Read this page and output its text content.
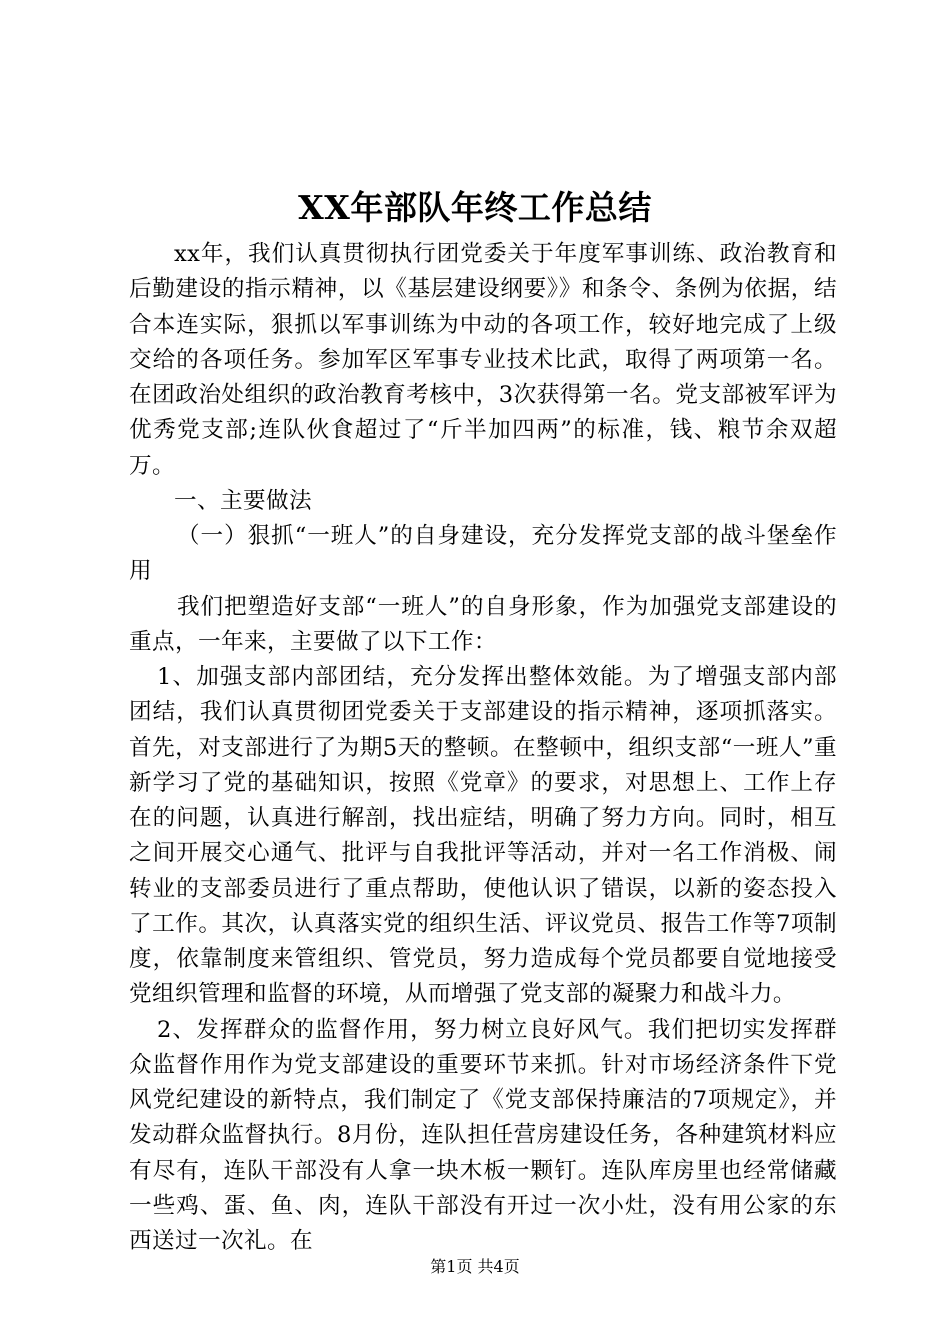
XX年部队年终工作总结

xx年，我们认真贯彻执行团党委关于年度军事训练、政治教育和后勤建设的指示精神，以《基层建设纲要》》和条令、条例为依据，结合本连实际，狠抓以军事训练为中动的各项工作，较好地完成了上级交给的各项任务。参加军区军事专业技术比武，取得了两项第一名。在团政治处组织的政治教育考核中，3次获得第一名。党支部被军评为优秀党支部;连队伙食超过了“斤半加四两”的标准，钱、粮节余双超万。

一、主要做法

（一）狠抓“一班人”的自身建设，充分发挥党支部的战斗堡垒作用

我们把塑造好支部“一班人”的自身形象，作为加强党支部建设的重点，一年来，主要做了以下工作：

1、加强支部内部团结，充分发挥出整体效能。为了增强支部内部团结，我们认真贯彻团党委关于支部建设的指示精神，逐项抓落实。首先，对支部进行了为期5天的整顿。在整顿中，组织支部“一班人”重新学习了党的基础知识，按照《党章》的要求，对思想上、工作上存在的问题，认真进行解剖，找出症结，明确了努力方向。同时，相互之间开展交心通气、批评与自我批评等活动，并对一名工作消极、闹转业的支部委员进行了重点帮助，使他认识了错误，以新的姿态投入了工作。其次，认真落实党的组织生活、评议党员、报告工作等7项制度，依靠制度来管组织、管党员，努力造成每个党员都要自觉地接受党组织管理和监督的环境，从而增强了党支部的凝聚力和战斗力。

2、发挥群众的监督作用，努力树立良好风气。我们把切实发挥群众监督作用作为党支部建设的重要环节来抓。针对市场经济条件下党风党纪建设的新特点，我们制定了《党支部保持廉洁的7项规定》，并发动群众监督执行。8月份，连队担任营房建设任务，各种建筑材料应有尽有，连队干部没有人拿一块木板一颗钉。连队库房里也经常储藏一些鸡、蛋、鱼、肉，连队干部没有开过一次小灶，没有用公家的东西送过一次礼。在

第1页 共4页
